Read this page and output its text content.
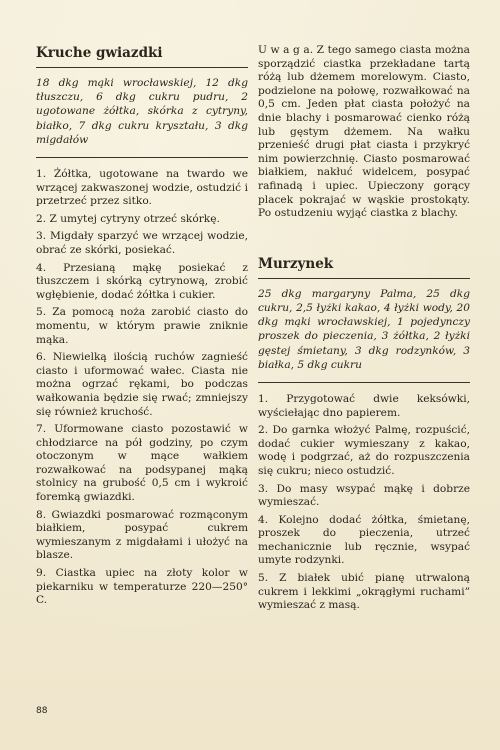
Kruche gwiazdki
18 dkg mąki wrocławskiej, 12 dkg tłuszczu, 6 dkg cukru pudru, 2 ugotowane żółtka, skórka z cytryny, białko, 7 dkg cukru kryształu, 3 dkg migdałów

1. Żółtka, ugotowane na twardo we wrzącej zakwaszonej wodzie, ostudzić i przetrzeć przez sitko.

2. Z umytej cytryny otrzeć skórkę.

3. Migdały sparzyć we wrzącej wodzie, obrać ze skórki, posiekać.

4. Przesianą mąkę posiekać z tłuszczem i skórką cytrynową, zrobić wgłębienie, dodać żółtka i cukier.

5. Za pomocą noża zarobić ciasto do momentu, w którym prawie zniknie mąka.

6. Niewielką ilością ruchów zagnieść ciasto i uformować wałec. Ciasta nie można ogrzać rękami, bo podczas wałkowania będzie się rwać; zmniejszy się również kruchość.

7. Uformowane ciasto pozostawić w chłodziarce na pół godziny, po czym otoczonym w mące wałkiem rozwałkować na podsypanej mąką stolnicy na grubość 0,5 cm i wykroić foremką gwiazdki.

8. Gwiazdki posmarować rozmąconym białkiem, posypać cukrem wymieszanym z migdałami i ułożyć na blasze.

9. Ciastka upiec na złoty kolor w piekarniku w temperaturze 220—250° C.

U w a g a. Z tego samego ciasta można sporządzić ciastka przekładane tartą różą lub dżemem morelowym. Ciasto, podzielone na połowę, rozwałkować na 0,5 cm. Jeden płat ciasta położyć na dnie blachy i posmarować cienko różą lub gęstym dżemem. Na wałku przenieść drugi płat ciasta i przykryć nim powierzchnię. Ciasto posmarować białkiem, nakłuć widelcem, posypać rafinadą i upiec. Upieczony gorący placek pokrajać w wąskie prostokąty. Po ostudzeniu wyjąć ciastka z blachy.

Murzynek
25 dkg margaryny Palma, 25 dkg cukru, 2,5 łyżki kakao, 4 łyżki wody, 20 dkg mąki wrocławskiej, 1 pojedynczy proszek do pieczenia, 3 żółtka, 2 łyżki gęstej śmietany, 3 dkg rodzynków, 3 białka, 5 dkg cukru

1. Przygotować dwie keksówki, wyściełając dno papierem.

2. Do garnka włożyć Palmę, rozpuścić, dodać cukier wymieszany z kakao, wodę i podgrzać, aż do rozpuszczenia się cukru; nieco ostudzić.

3. Do masy wsypać mąkę i dobrze wymieszać.

4. Kolejno dodać żółtka, śmietanę, proszek do pieczenia, utrzeć mechanicznie lub ręcznie, wsypać umyte rodzynki.

5. Z białek ubić pianę utrwaloną cukrem i lekkimi „okrągłymi ruchami” wymieszać z masą.

88
